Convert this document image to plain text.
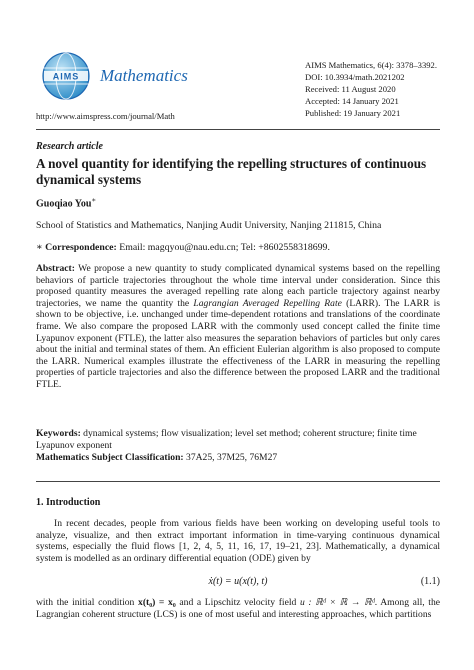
AIMS Mathematics
http://www.aimspress.com/journal/Math
AIMS Mathematics, 6(4): 3378–3392.
DOI: 10.3934/math.2021202
Received: 11 August 2020
Accepted: 14 January 2021
Published: 19 January 2021
Research article
A novel quantity for identifying the repelling structures of continuous dynamical systems
Guoqiao You∗
School of Statistics and Mathematics, Nanjing Audit University, Nanjing 211815, China
∗ Correspondence: Email: magqyou@nau.edu.cn; Tel: +8602558318699.
Abstract: We propose a new quantity to study complicated dynamical systems based on the repelling behaviors of particle trajectories throughout the whole time interval under consideration. Since this proposed quantity measures the averaged repelling rate along each particle trajectory against nearby trajectories, we name the quantity the Lagrangian Averaged Repelling Rate (LARR). The LARR is shown to be objective, i.e. unchanged under time-dependent rotations and translations of the coordinate frame. We also compare the proposed LARR with the commonly used concept called the finite time Lyapunov exponent (FTLE), the latter also measures the separation behaviors of particles but only cares about the initial and terminal states of them. An efficient Eulerian algorithm is also proposed to compute the LARR. Numerical examples illustrate the effectiveness of the LARR in measuring the repelling properties of particle trajectories and also the difference between the proposed LARR and the traditional FTLE.
Keywords: dynamical systems; flow visualization; level set method; coherent structure; finite time Lyapunov exponent
Mathematics Subject Classification: 37A25, 37M25, 76M27
1. Introduction
In recent decades, people from various fields have been working on developing useful tools to analyze, visualize, and then extract important information in time-varying continuous dynamical systems, especially the fluid flows [1, 2, 4, 5, 11, 16, 17, 19–21, 23]. Mathematically, a dynamical system is modelled as an ordinary differential equation (ODE) given by
ẋ(t) = u(x(t), t)	(1.1)
with the initial condition x(t₀) = x₀ and a Lipschitz velocity field u : ℝᵈ × ℝ → ℝᵈ. Among all, the Lagrangian coherent structure (LCS) is one of most useful and interesting approaches, which partitions
